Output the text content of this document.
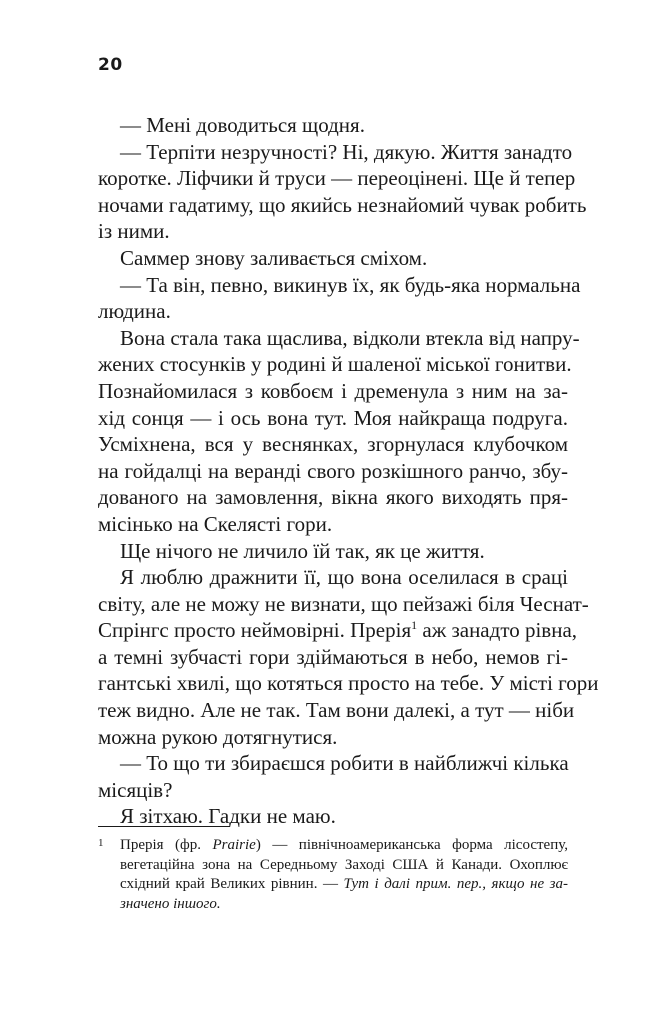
20
— Мені доводиться щодня.
— Терпіти незручності? Ні, дякую. Життя занадто
коротке. Ліфчики й труси — переоцінені. Ще й тепер
ночами гадатиму, що якийсь незнайомий чувак робить
із ними.
Саммер знову заливається сміхом.
— Та він, певно, викинув їх, як будь-яка нормальна
людина.
Вона стала така щаслива, відколи втекла від напру-
жених стосунків у родині й шаленої міської гонитви.
Познайомилася з ковбоєм і дременула з ним на за-
хід сонця — і ось вона тут. Моя найкраща подруга.
Усміхнена, вся у веснянках, згорнулася клубочком
на гойдалці на веранді свого розкішного ранчо, збу-
дованого на замовлення, вікна якого виходять пря-
місінько на Скелясті гори.
Ще нічого не личило їй так, як це життя.
Я люблю дражнити її, що вона оселилася в сраці
світу, але не можу не визнати, що пейзажі біля Чеснат-
Спрінгс просто неймовірні. Прерія$^1$ аж занадто рівна,
а темні зубчасті гори здіймаються в небо, немов гі-
гантські хвилі, що котяться просто на тебе. У місті гори
теж видно. Але не так. Там вони далекі, а тут — ніби
можна рукою дотягнутися.
— То що ти збираєшся робити в найближчі кілька
місяців?
Я зітхаю. Гадки не маю.
1 Прерія (фр. Prairie) — північноамериканська форма лісостепу,
вегетаційна зона на Середньому Заході США й Канади. Охоплює
східний край Великих рівнин. — Тут і далі прим. пер., якщо не за-
значено іншого.
